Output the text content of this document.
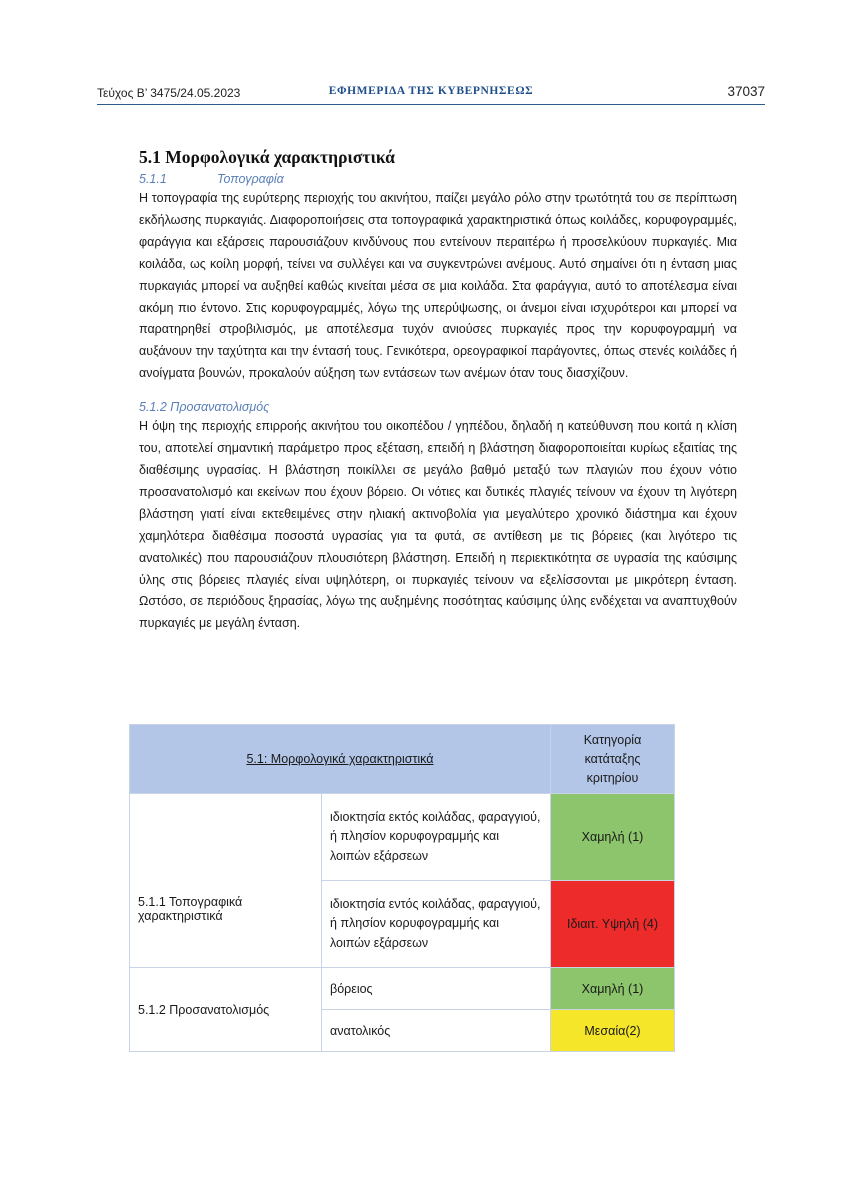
Τεύχος Β’ 3475/24.05.2023	ΕΦΗΜΕΡΙΔΑ ΤΗΣ ΚΥΒΕΡΝΗΣΕΩΣ	37037
5.1 Μορφολογικά χαρακτηριστικά
5.1.1	Τοπογραφία

Η τοπογραφία της ευρύτερης περιοχής του ακινήτου, παίζει μεγάλο ρόλο στην τρωτότητά του σε περίπτωση εκδήλωσης πυρκαγιάς. Διαφοροποιήσεις στα τοπογραφικά χαρακτηριστικά όπως κοιλάδες, κορυφογραμμές, φαράγγια και εξάρσεις παρουσιάζουν κινδύνους που εντείνουν περαιτέρω ή προσελκύουν πυρκαγιές. Μια κοιλάδα, ως κοίλη μορφή, τείνει να συλλέγει και να συγκεντρώνει ανέμους. Αυτό σημαίνει ότι η ένταση μιας πυρκαγιάς μπορεί να αυξηθεί καθώς κινείται μέσα σε μια κοιλάδα. Στα φαράγγια, αυτό το αποτέλεσμα είναι ακόμη πιο έντονο. Στις κορυφογραμμές, λόγω της υπερύψωσης, οι άνεμοι είναι ισχυρότεροι και μπορεί να παρατηρηθεί στροβιλισμός, με αποτέλεσμα τυχόν ανιούσες πυρκαγιές προς την κορυφογραμμή να αυξάνουν την ταχύτητα και την έντασή τους. Γενικότερα, ορεογραφικοί παράγοντες, όπως στενές κοιλάδες ή ανοίγματα βουνών, προκαλούν αύξηση των εντάσεων των ανέμων όταν τους διασχίζουν.

5.1.2 Προσανατολισμός

Η όψη της περιοχής επιρροής ακινήτου του οικοπέδου / γηπέδου, δηλαδή η κατεύθυνση που κοιτά η κλίση του, αποτελεί σημαντική παράμετρο προς εξέταση, επειδή η βλάστηση διαφοροποιείται κυρίως εξαιτίας της διαθέσιμης υγρασίας. Η βλάστηση ποικίλλει σε μεγάλο βαθμό μεταξύ των πλαγιών που έχουν νότιο προσανατολισμό και εκείνων που έχουν βόρειο. Οι νότιες και δυτικές πλαγιές τείνουν να έχουν τη λιγότερη βλάστηση γιατί είναι εκτεθειμένες στην ηλιακή ακτινοβολία για μεγαλύτερο χρονικό διάστημα και έχουν χαμηλότερα διαθέσιμα ποσοστά υγρασίας για τα φυτά, σε αντίθεση με τις βόρειες (και λιγότερο τις ανατολικές) που παρουσιάζουν πλουσιότερη βλάστηση. Επειδή η περιεκτικότητα σε υγρασία της καύσιμης ύλης στις βόρειες πλαγιές είναι υψηλότερη, οι πυρκαγιές τείνουν να εξελίσσονται με μικρότερη ένταση. Ωστόσο, σε περιόδους ξηρασίας, λόγω της αυξημένης ποσότητας καύσιμης ύλης ενδέχεται να αναπτυχθούν πυρκαγιές με μεγάλη ένταση.

5.1: Μορφολογικά χαρακτηριστικά		Κατηγορία κατάταξης κριτηρίου
5.1.1 Τοπογραφικά χαρακτηριστικά	ιδιοκτησία εκτός κοιλάδας, φαραγγιού, ή πλησίον κορυφογραμμής και λοιπών εξάρσεων	Χαμηλή (1)
	ιδιοκτησία εντός κοιλάδας, φαραγγιού, ή πλησίον κορυφογραμμής και λοιπών εξάρσεων	Ιδιαιτ. Υψηλή (4)
5.1.2 Προσανατολισμός	βόρειος	Χαμηλή (1)
	ανατολικός	Μεσαία(2)
